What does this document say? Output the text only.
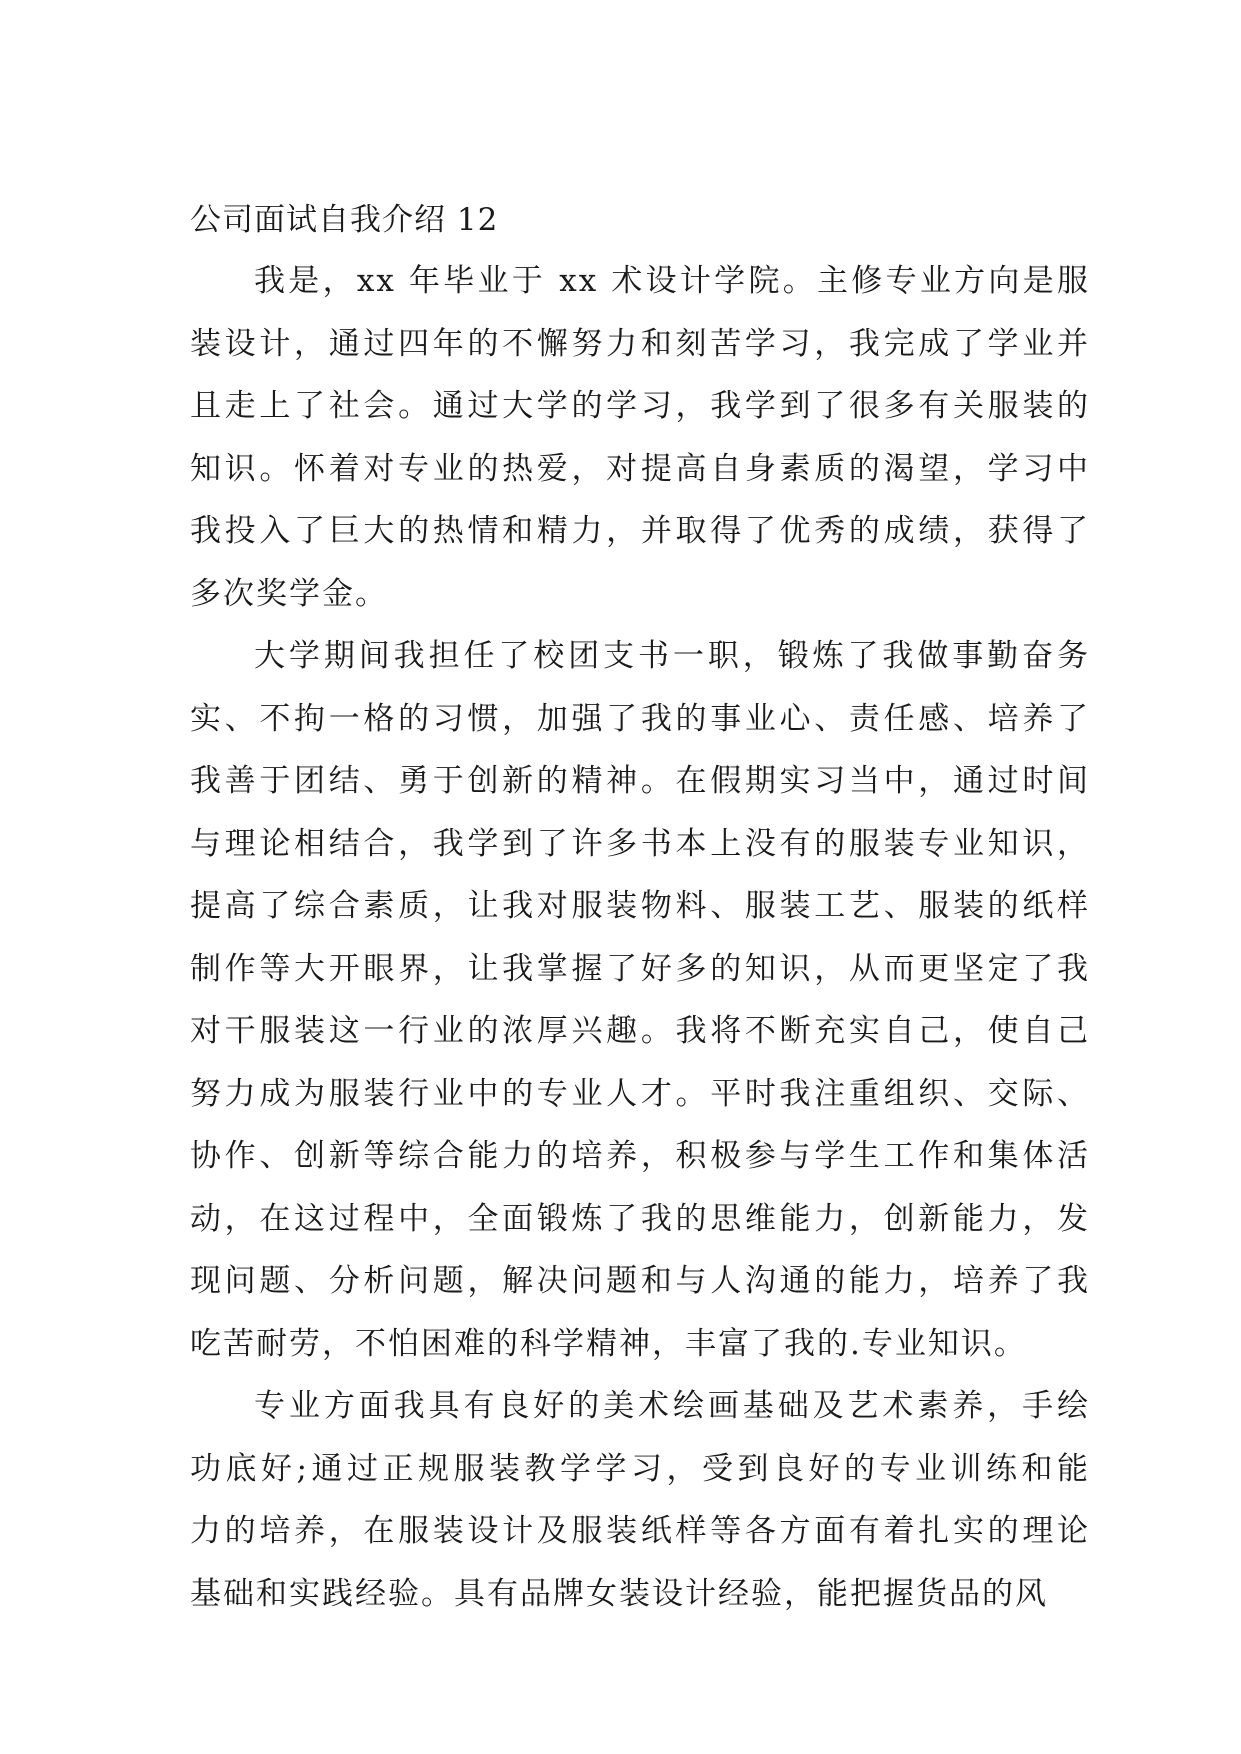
公司面试自我介绍 12
我是，xx 年毕业于 xx 术设计学院。主修专业方向是服
装设计，通过四年的不懈努力和刻苦学习，我完成了学业并
且走上了社会。通过大学的学习，我学到了很多有关服装的
知识。怀着对专业的热爱，对提高自身素质的渴望，学习中
我投入了巨大的热情和精力，并取得了优秀的成绩，获得了
多次奖学金。
大学期间我担任了校团支书一职，锻炼了我做事勤奋务
实、不拘一格的习惯，加强了我的事业心、责任感、培养了
我善于团结、勇于创新的精神。在假期实习当中，通过时间
与理论相结合，我学到了许多书本上没有的服装专业知识，
提高了综合素质，让我对服装物料、服装工艺、服装的纸样
制作等大开眼界，让我掌握了好多的知识，从而更坚定了我
对干服装这一行业的浓厚兴趣。我将不断充实自己，使自己
努力成为服装行业中的专业人才。平时我注重组织、交际、
协作、创新等综合能力的培养，积极参与学生工作和集体活
动，在这过程中，全面锻炼了我的思维能力，创新能力，发
现问题、分析问题，解决问题和与人沟通的能力，培养了我
吃苦耐劳，不怕困难的科学精神，丰富了我的.专业知识。
专业方面我具有良好的美术绘画基础及艺术素养，手绘
功底好;通过正规服装教学学习，受到良好的专业训练和能
力的培养，在服装设计及服装纸样等各方面有着扎实的理论
基础和实践经验。具有品牌女装设计经验，能把握货品的风
